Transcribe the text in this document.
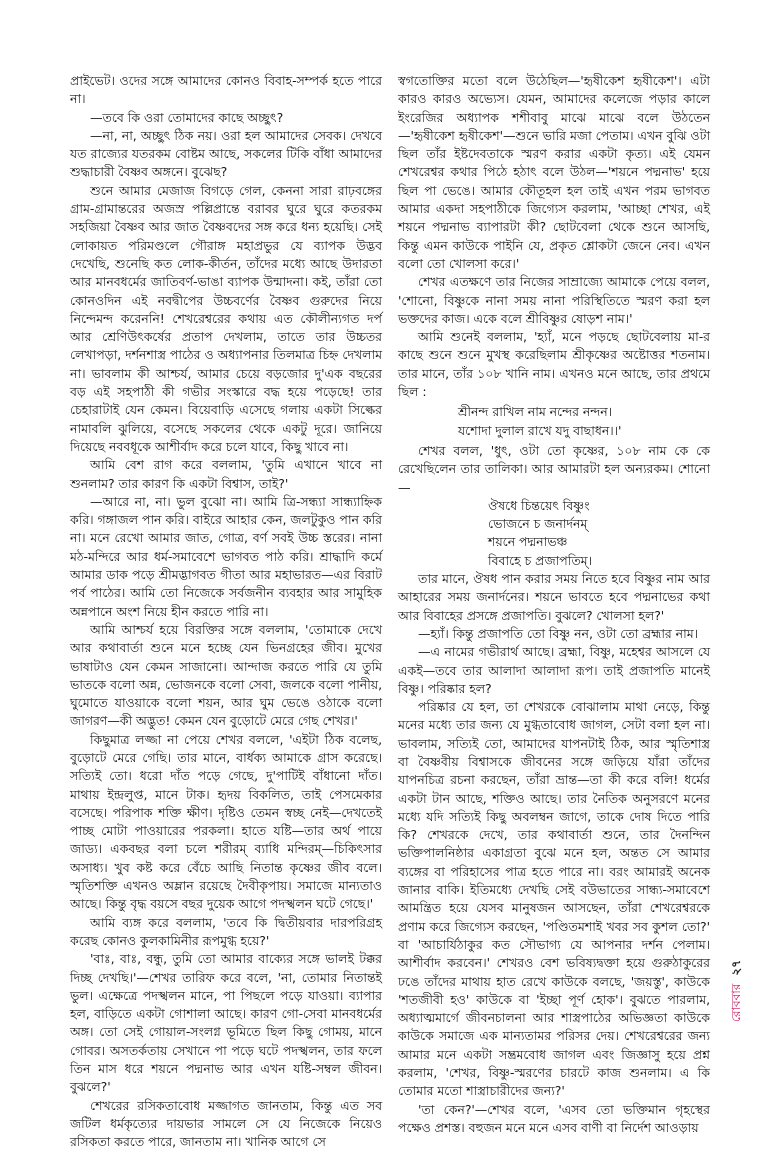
প্রাইভেট। ওদের সঙ্গে আমাদের কোনও বিবাহ-সম্পর্ক হতে পারে না।

—তবে কি ওরা তোমাদের কাছে অচ্ছুৎ?

—না, না, অচ্ছুৎ ঠিক নয়। ওরা হল আমাদের সেবক। দেখবে যত রাজ্যের যতরকম বোষ্টম আছে, সকলের টিকি বাঁধা আমাদের শুদ্ধাচারী বৈষ্ণব অঙ্গনে। বুঝেছ?

শুনে আমার মেজাজ বিগড়ে গেল, কেননা সারা রাঢ়বঙ্গের গ্রাম-গ্রামান্তরের অজস্র পল্লিপ্রান্তে বরাবর ঘুরে ঘুরে কতরকম সহজিয়া বৈষ্ণব আর জাত বৈষ্ণবদের সঙ্গ করে ধন্য হয়েছি। সেই লোকায়ত পরিমণ্ডলে গৌরাঙ্গ মহাপ্রভুর যে ব্যাপক উদ্ভব দেখেছি, শুনেছি কত লোক-কীর্তন, তাঁদের মধ্যে আছে উদারতা আর মানবধর্মের জাতিবর্ণ-ভাঙা ব্যাপক উন্মাদনা। কই, তাঁরা তো কোনওদিন এই নবদ্বীপের উচ্চবর্ণের বৈষ্ণব গুরুদের নিয়ে নিন্দেমন্দ করেননি! শেখরেশ্বরের কথায় এত কৌলীন্যগত দর্প আর শ্রেণিউৎকর্ষের প্রতাপ দেখলাম, তাতে তার উচ্চতর লেখাপড়া, দর্শনশাস্ত্র পাঠের ও অধ্যাপনার তিলমাত্র চিহ্ন দেখলাম না। ভাবলাম কী আশ্চর্য, আমার চেয়ে বড়জোর দু'এক বছরের বড় এই সহপাঠী কী গভীর সংস্কারে বদ্ধ হয়ে পড়েছে! তার চেহারাটাই যেন কেমন। বিয়েবাড়ি এসেছে গলায় একটা সিল্কের নামাবলি ঝুলিয়ে, বসেছে সকলের থেকে একটু দূরে। জানিয়ে দিয়েছে নববধূকে আশীর্বাদ করে চলে যাবে, কিছু খাবে না।

আমি বেশ রাগ করে বললাম, 'তুমি এখানে খাবে না শুনলাম? তার কারণ কি একটা বিশ্বাস, তাই?'

—আরে না, না। ভুল বুঝো না। আমি ত্রি-সন্ধ্যা সান্ধ্যাহ্নিক করি। গঙ্গাজল পান করি। বাইরে আহার কেন, জলটুকুও পান করি না। মনে রেখো আমার জাত, গোত্র, বর্ণ সবই উচ্চ স্তরের। নানা মঠ-মন্দিরে আর ধর্ম-সমাবেশে ভাগবত পাঠ করি। শ্রাদ্ধাদি কর্মে আমার ডাক পড়ে শ্রীমদ্ভাগবত গীতা আর মহাভারত—এর বিরাট পর্ব পাঠের। আমি তো নিজেকে সর্বজনীন ব্যবহার আর সামুহিক অন্নপানে অংশ নিয়ে হীন করতে পারি না।

আমি আশ্চর্য হয়ে বিরক্তির সঙ্গে বললাম, 'তোমাকে দেখে আর কথাবার্তা শুনে মনে হচ্ছে যেন ভিনগ্রহের জীব। মুখের ভাষাটাও যেন কেমন সাজানো। আন্দাজ করতে পারি যে তুমি ভাতকে বলো অন্ন, ভোজনকে বলো সেবা, জলকে বলো পানীয়, ঘুমোতে যাওয়াকে বলো শয়ন, আর ঘুম ভেঙে ওঠাকে বলো জাগরণ—কী অদ্ভুত! কেমন যেন বুড়োটে মেরে গেছ শেখর।'

কিছুমাত্র লজ্জা না পেয়ে শেখর বললে, 'এইটা ঠিক বলেছ, বুড়োটে মেরে গেছি। তার মানে, বার্ধক্য আমাকে গ্রাস করেছে। সত্যিই তো। ধরো দাঁত পড়ে গেছে, দু'পাটিই বাঁধানো দাঁত। মাথায় ইন্দ্রলুপ্ত, মানে টাক। হৃদয় বিকলিত, তাই পেসমেকার বসেছে। পরিপাক শক্তি ক্ষীণ। দৃষ্টিও তেমন স্বচ্ছ নেই—দেখতেই পাচ্ছ মোটা পাওয়ারের পরকলা। হাতে যষ্টি—তার অর্থ পায়ে জাড্য। একবছর বলা চলে শরীরম্ ব্যাধি মন্দিরম্—চিকিৎসার অসাধ্য। খুব কষ্ট করে বেঁচে আছি নিতান্ত কৃষ্ণের জীব বলে। স্মৃতিশক্তি এখনও অম্লান রয়েছে দৈবীকৃপায়। সমাজে মান্যতাও আছে। কিন্তু বৃদ্ধ বয়সে বছর দুয়েক আগে পদস্খলন ঘটে গেছে।'

আমি ব্যঙ্গ করে বললাম, 'তবে কি দ্বিতীয়বার দারপরিগ্রহ করেছ কোনও কুলকামিনীর রূপমুগ্ধ হয়ে?'

'বাঃ, বাঃ, বন্ধু, তুমি তো আমার বাক্যের সঙ্গে ভালই টক্কর দিচ্ছ দেখছি।'—শেখর তারিফ করে বলে, 'না, তোমার নিতান্তই ভুল। এক্ষেত্রে পদস্খলন মানে, পা পিছলে পড়ে যাওয়া। ব্যাপার হল, বাড়িতে একটা গোশালা আছে। কারণ গো-সেবা মানবধর্মের অঙ্গ। তো সেই গোয়াল-সংলগ্ন ভূমিতে ছিল কিছু গোময়, মানে গোবর। অসতর্কতায় সেখানে পা পড়ে ঘটে পদস্খলন, তার ফলে তিন মাস ধরে শয়নে পদ্মনাভ আর এখন যষ্টি-সম্বল জীবন। বুঝলে?'

শেখরের রসিকতাবোধ মজ্জাগত জানতাম, কিন্তু এত সব জটিল ধর্মকৃত্যের দায়ভার সামলে সে যে নিজেকে নিয়েও রসিকতা করতে পারে, জানতাম না। খানিক আগে সে

স্বগতোক্তির মতো বলে উঠেছিল—'হৃষীকেশ হৃষীকেশ'। এটা কারও কারও অভ্যেস। যেমন, আমাদের কলেজে পড়ার কালে ইংরেজির অধ্যাপক শশীবাবু মাঝে মাঝে বলে উঠতেন—'হৃষীকেশ হৃষীকেশ'—শুনে ভারি মজা পেতাম। এখন বুঝি ওটা ছিল তাঁর ইষ্টদেবতাকে স্মরণ করার একটা কৃত্য। এই যেমন শেখরেশ্বর কথার পিঠে হঠাৎ বলে উঠল—'শয়নে পদ্মনাভ' হয়ে ছিল পা ভেঙে। আমার কৌতূহল হল তাই এখন পরম ভাগবত আমার একদা সহপাঠীকে জিগ্যেস করলাম, 'আচ্ছা শেখর, এই শয়নে পদ্মনাভ ব্যাপারটা কী? ছোটবেলা থেকে শুনে আসছি, কিন্তু এমন কাউকে পাইনি যে, প্রকৃত শ্লোকটা জেনে নেব। এখন বলো তো খোলসা করে।'

শেখর এতক্ষণে তার নিজের সাম্রাজ্যে আমাকে পেয়ে বলল, 'শোনো, বিষ্ণুকে নানা সময় নানা পরিস্থিতিতে স্মরণ করা হল ভক্তদের কাজ। একে বলে শ্রীবিষ্ণুর ষোড়শ নাম।'

আমি শুনেই বললাম, 'হ্যাঁ, মনে পড়ছে ছোটবেলায় মা-র কাছে শুনে শুনে মুখস্থ করেছিলাম শ্রীকৃষ্ণের অষ্টোত্তর শতনাম। তার মানে, তাঁর ১০৮ খানি নাম। এখনও মনে আছে, তার প্রথমে ছিল :

শ্রীনন্দ রাখিল নাম নন্দের নন্দন।
যশোদা দুলাল রাখে যদু বাছাধন।।'

শেখর বলল, 'ধুৎ, ওটা তো কৃষ্ণের, ১০৮ নাম কে কে রেখেছিলেন তার তালিকা। আর আমারটা হল অন্যরকম। শোনো—

ঔষধে চিন্তয়েৎ বিষ্ণুং
ভোজনে চ জনার্দনম্
শয়নে পদ্মনাভঞ্চ
বিবাহে চ প্রজাপতিম্।

তার মানে, ঔষধ পান করার সময় নিতে হবে বিষ্ণুর নাম আর আহারের সময় জনার্দনের। শয়নে ভাবতে হবে পদ্মনাভের কথা আর বিবাহের প্রসঙ্গে প্রজাপতি। বুঝলে? খোলসা হল?'

—হ্যাঁ। কিন্তু প্রজাপতি তো বিষ্ণু নন, ওটা তো ব্রহ্মার নাম।

—এ নামের গভীরার্থ আছে। ব্রহ্মা, বিষ্ণু, মহেশ্বর আসলে যে একই—তবে তার আলাদা আলাদা রূপ। তাই প্রজাপতি মানেই বিষ্ণু। পরিষ্কার হল?

পরিষ্কার যে হল, তা শেখরকে বোঝালাম মাথা নেড়ে, কিন্তু মনের মধ্যে তার জন্য যে মুগ্ধতাবোধ জাগল, সেটা বলা হল না। ভাবলাম, সত্যিই তো, আমাদের যাপনটাই ঠিক, আর স্মৃতিশাস্ত্র বা বৈষ্ণবীয় বিশ্বাসকে জীবনের সঙ্গে জড়িয়ে যাঁরা তাঁদের যাপনচিত্র রচনা করছেন, তাঁরা ভ্রান্ত—তা কী করে বলি! ধর্মের একটা টান আছে, শক্তিও আছে। তার নৈতিক অনুসরণে মনের মধ্যে যদি সত্যিই কিছু অবলম্বন জাগে, তাকে দোষ দিতে পারি কি? শেখরকে দেখে, তার কথাবার্তা শুনে, তার দৈনন্দিন ভক্তিপালনিষ্ঠার একাগ্রতা বুঝে মনে হল, অন্তত সে আমার ব্যঙ্গের বা পরিহাসের পাত্র হতে পারে না। বরং আমারই অনেক জানার বাকি। ইতিমধ্যে দেখছি সেই বউভাতের সান্ধ্য-সমাবেশে আমন্ত্রিত হয়ে যেসব মানুষজন আসছেন, তাঁরা শেখরেশ্বরকে প্রণাম করে জিগ্যেস করছেন, 'পণ্ডিতমশাই খবর সব কুশল তো?' বা 'আচার্যিঠাকুর কত সৌভাগ্য যে আপনার দর্শন পেলাম। আশীর্বাদ করবেন।' শেখরও বেশ ভবিষ্যদ্বক্তা হয়ে গুরুঠাকুরের ঢঙে তাঁদের মাথায় হাত রেখে কাউকে বলছে, 'জয়স্তু', কাউকে 'শতজীবী হও' কাউকে বা 'ইচ্ছা পূর্ণ হোক'। বুঝতে পারলাম, অধ্যাত্মমার্গে জীবনচালনা আর শাস্ত্রপাঠের অভিজ্ঞতা কাউকে কাউকে সমাজে এক মান্যতামর পরিসর দেয়। শেখরেশ্বরের জন্য আমার মনে একটা সম্ভ্রমবোধ জাগল এবং জিজ্ঞাসু হয়ে প্রশ্ন করলাম, 'শেখর, বিষ্ণু-স্মরণের চারটে কাজ শুনলাম। এ কি তোমার মতো শাস্ত্রাচারীদের জন্য?'

'তা কেন?'—শেখর বলে, 'এসব তো ভক্তিমান গৃহস্থের পক্ষেও প্রশস্ত। বহুজন মনে মনে এসব বাণী বা নির্দেশ আওড়ায়

রোববার২৭
